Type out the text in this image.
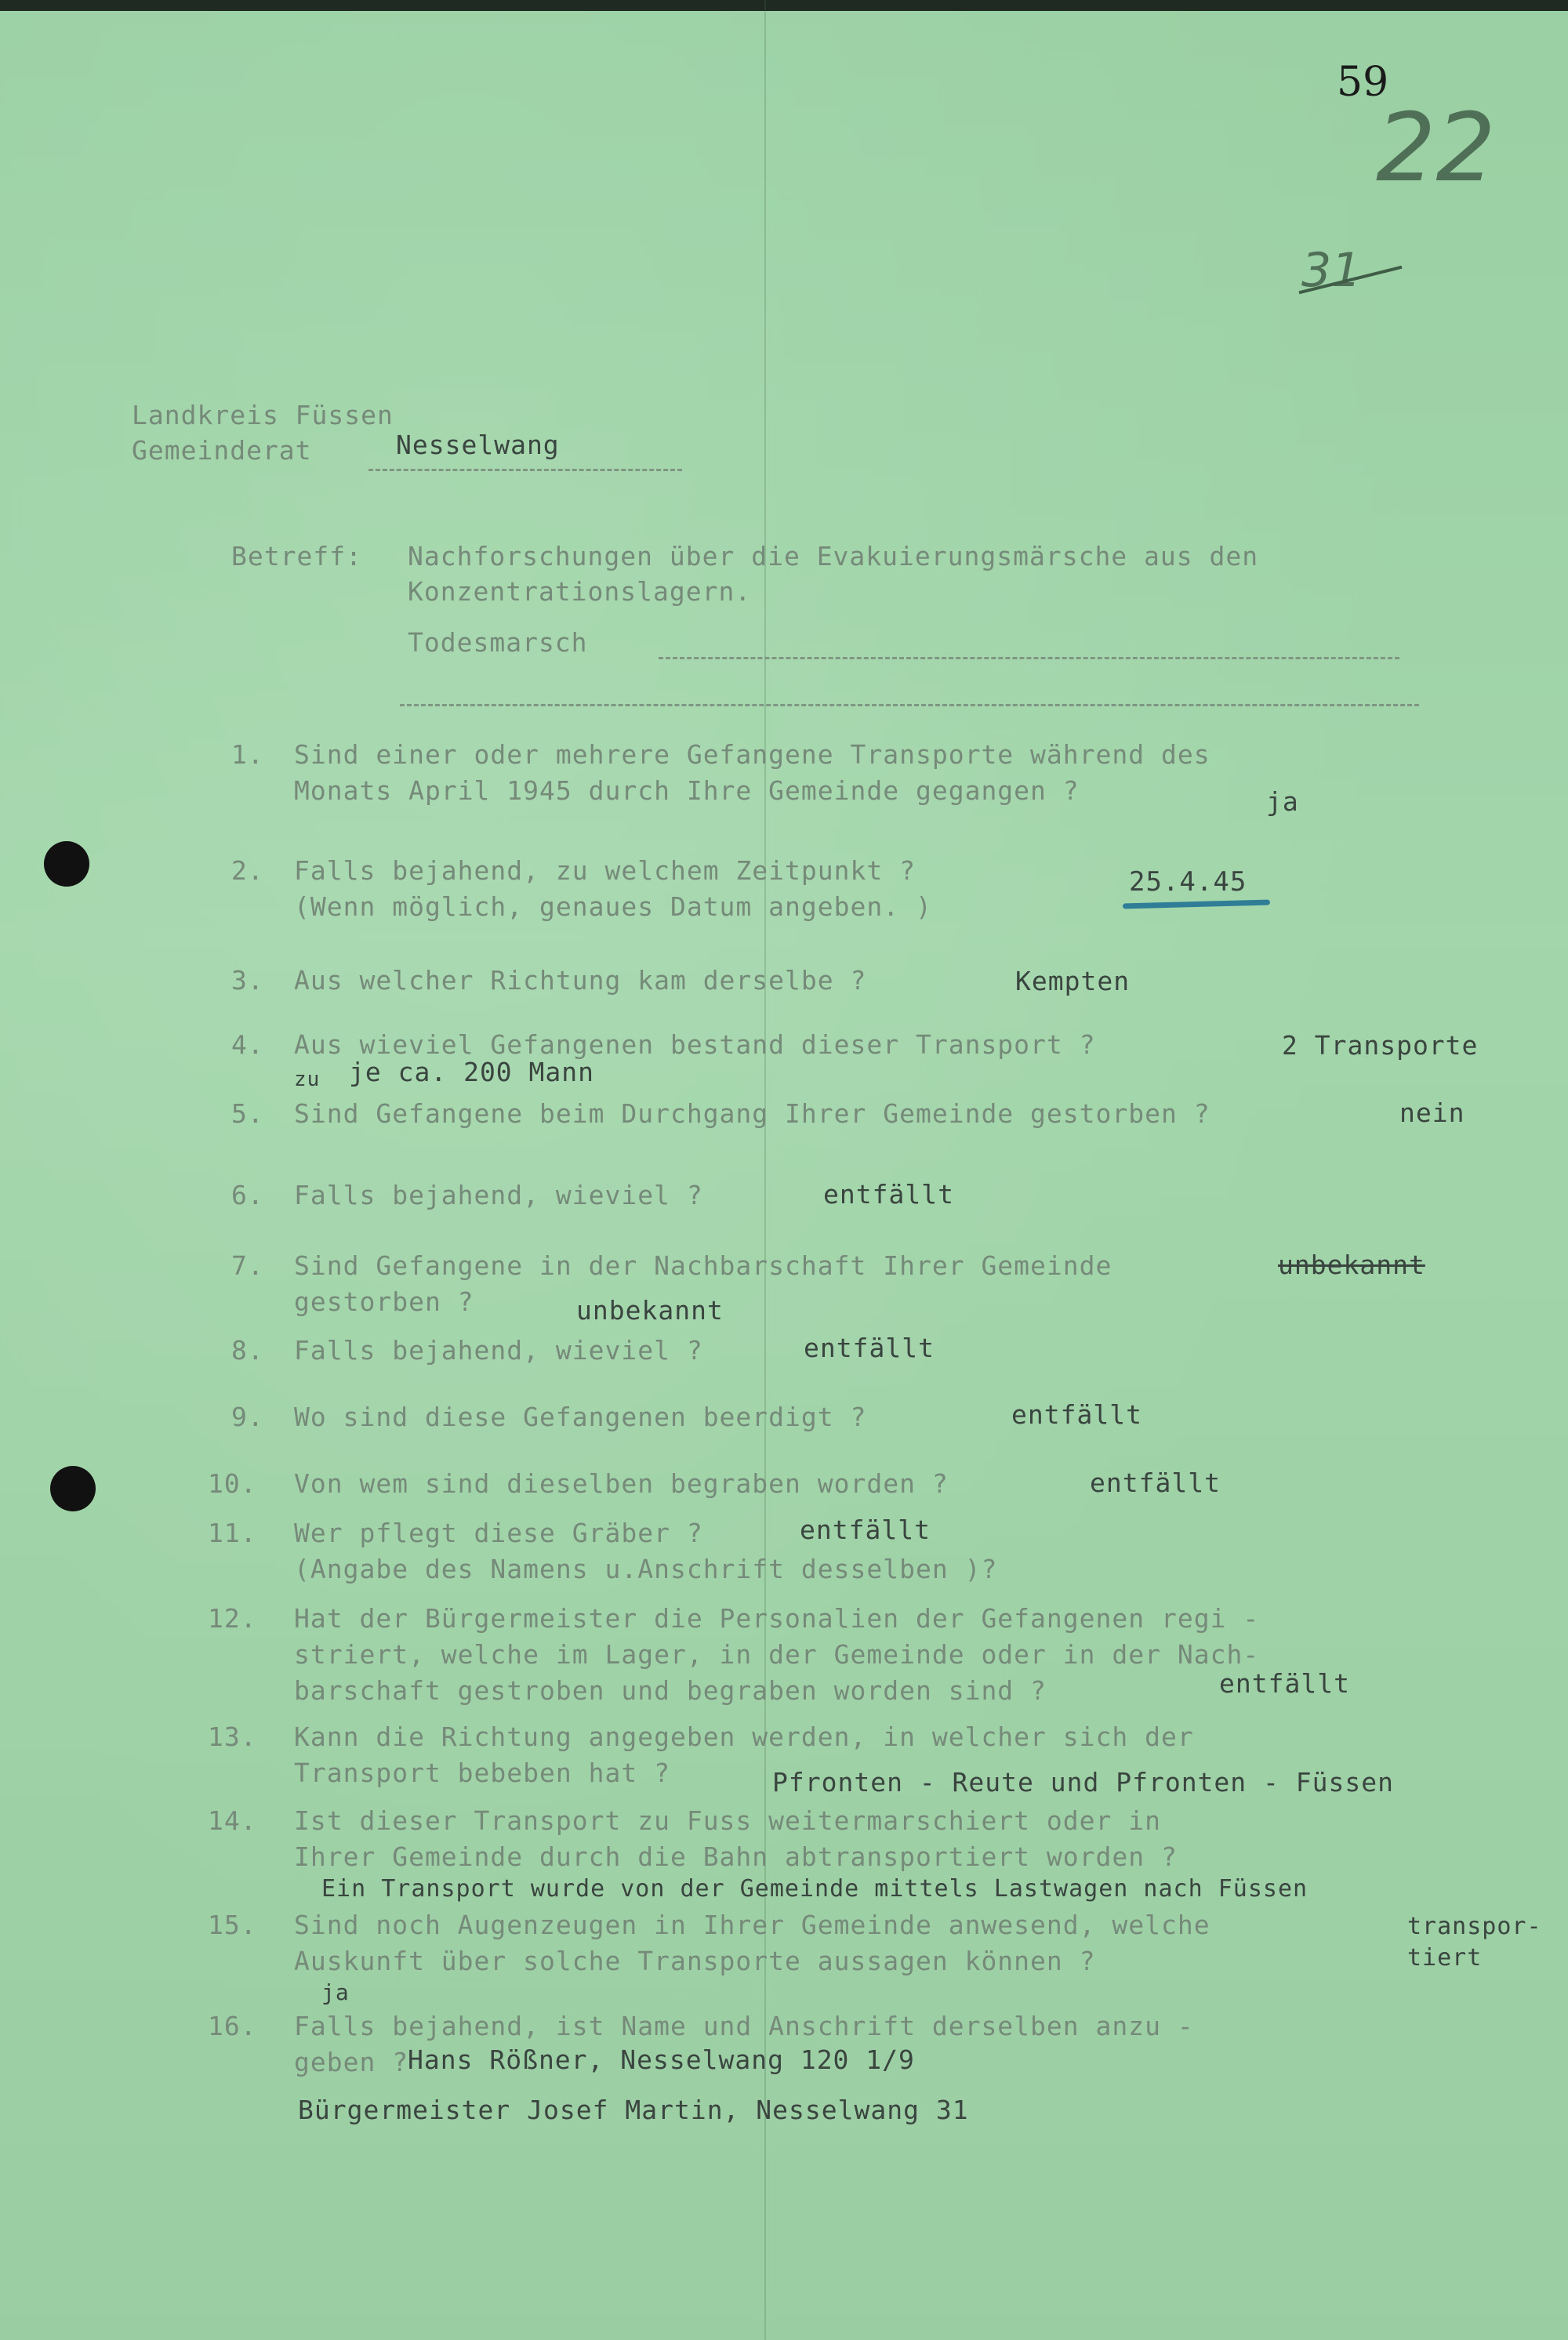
59
22
31
Landkreis Füssen
Gemeinderat	Nesselwang
Betreff: Nachforschungen über die Evakuierungsmärsche aus den
Konzentrationslagern.
Todesmarsch
1. Sind einer oder mehrere Gefangene Transporte während des
Monats April 1945 durch Ihre Gemeinde gegangen ?
2. Falls bejahend, zu welchem Zeitpunkt ?
(Wenn möglich, genaues Datum angeben. )
3. Aus welcher Richtung kam derselbe ?
4. Aus wieviel Gefangenen bestand dieser Transport ?
5. Sind Gefangene beim Durchgang Ihrer Gemeinde gestorben ?
6. Falls bejahend, wieviel ?
7. Sind Gefangene in der Nachbarschaft Ihrer Gemeinde
gestorben ?
8. Falls bejahend, wieviel ?
9. Wo sind diese Gefangenen beerdigt ?
10. Von wem sind dieselben begraben worden ?
11. Wer pflegt diese Gräber ?
(Angabe des Namens u.Anschrift desselben )?
12. Hat der Bürgermeister die Personalien der Gefangenen regi -
striert, welche im Lager, in der Gemeinde oder in der Nach-
barschaft gestroben und begraben worden sind ?
13. Kann die Richtung angegeben werden, in welcher sich der
Transport bebeben hat ?
14. Ist dieser Transport zu Fuss weitermarschiert oder in
Ihrer Gemeinde durch die Bahn abtransportiert worden ?
15. Sind noch Augenzeugen in Ihrer Gemeinde anwesend, welche
Auskunft über solche Transporte aussagen können ?
16. Falls bejahend, ist Name und Anschrift derselben anzu -
geben ?
ja
25.4.45
Kempten
2 Transporte
zu je ca. 200 Mann
nein
entfällt
unbekannt
unbekannt
entfällt
entfällt
entfällt
entfällt
entfällt
Pfronten - Reute und Pfronten - Füssen
Ein Transport wurde von der Gemeinde mittels Lastwagen nach Füssen
transpor-
tiert
ja
Hans Rößner, Nesselwang 120 1/9
Bürgermeister Josef Martin, Nesselwang 31
